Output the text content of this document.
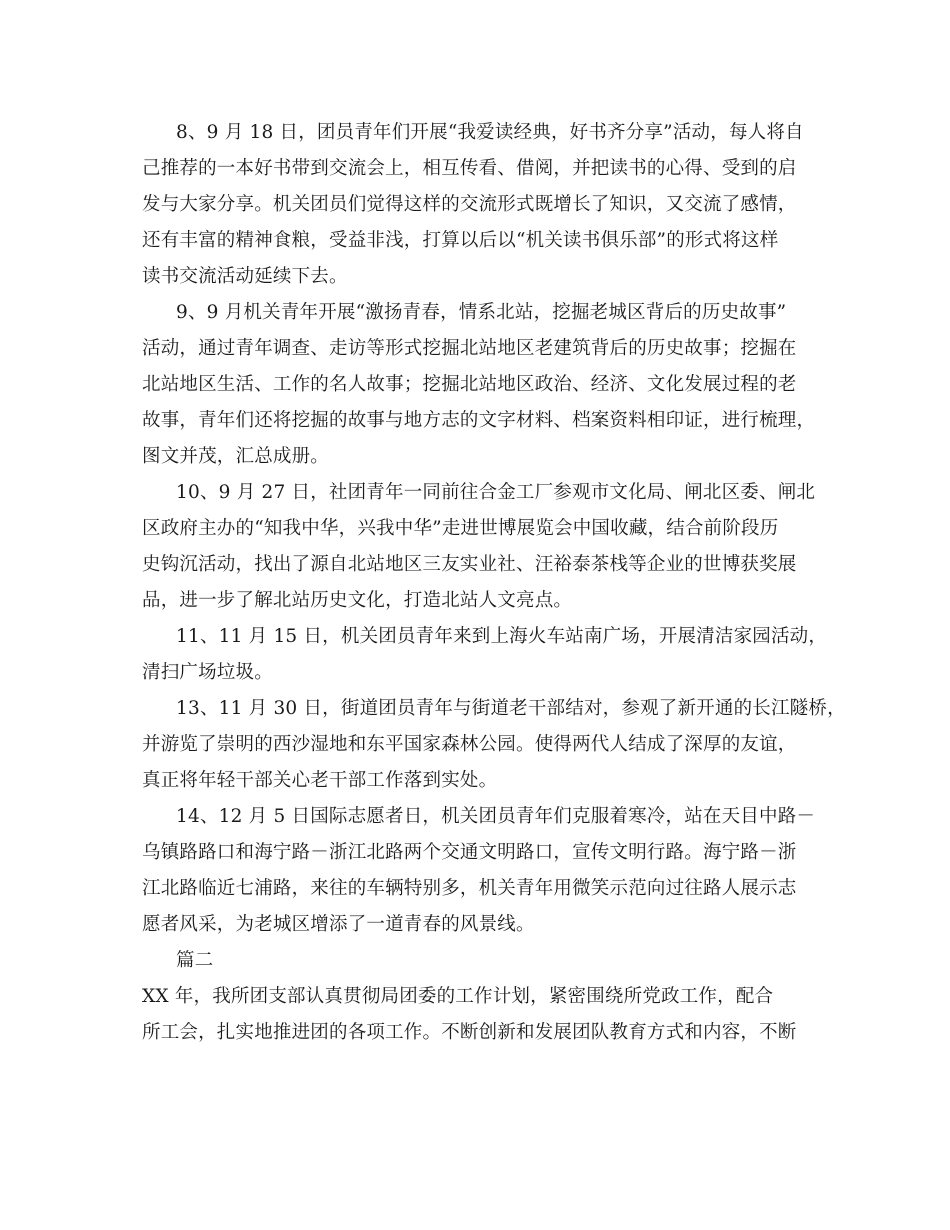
8、9 月 18 日，团员青年们开展“我爱读经典，好书齐分享”活动，每人将自
己推荐的一本好书带到交流会上，相互传看、借阅，并把读书的心得、受到的启
发与大家分享。机关团员们觉得这样的交流形式既增长了知识，又交流了感情，
还有丰富的精神食粮，受益非浅，打算以后以“机关读书俱乐部”的形式将这样
读书交流活动延续下去。
9、9 月机关青年开展“激扬青春，情系北站，挖掘老城区背后的历史故事”
活动，通过青年调查、走访等形式挖掘北站地区老建筑背后的历史故事；挖掘在
北站地区生活、工作的名人故事；挖掘北站地区政治、经济、文化发展过程的老
故事，青年们还将挖掘的故事与地方志的文字材料、档案资料相印证，进行梳理，
图文并茂，汇总成册。
10、9 月 27 日，社团青年一同前往合金工厂参观市文化局、闸北区委、闸北
区政府主办的“知我中华，兴我中华”走进世博展览会中国收藏，结合前阶段历
史钩沉活动，找出了源自北站地区三友实业社、汪裕泰茶栈等企业的世博获奖展
品，进一步了解北站历史文化，打造北站人文亮点。
11、11 月 15 日，机关团员青年来到上海火车站南广场，开展清洁家园活动，
清扫广场垃圾。
13、11 月 30 日，街道团员青年与街道老干部结对，参观了新开通的长江隧桥，
并游览了崇明的西沙湿地和东平国家森林公园。使得两代人结成了深厚的友谊，
真正将年轻干部关心老干部工作落到实处。
14、12 月 5 日国际志愿者日，机关团员青年们克服着寒冷，站在天目中路－
乌镇路路口和海宁路－浙江北路两个交通文明路口，宣传文明行路。海宁路－浙
江北路临近七浦路，来往的车辆特别多，机关青年用微笑示范向过往路人展示志
愿者风采，为老城区增添了一道青春的风景线。
篇二
XX 年，我所团支部认真贯彻局团委的工作计划，紧密围绕所党政工作，配合
所工会，扎实地推进团的各项工作。不断创新和发展团队教育方式和内容，不断
